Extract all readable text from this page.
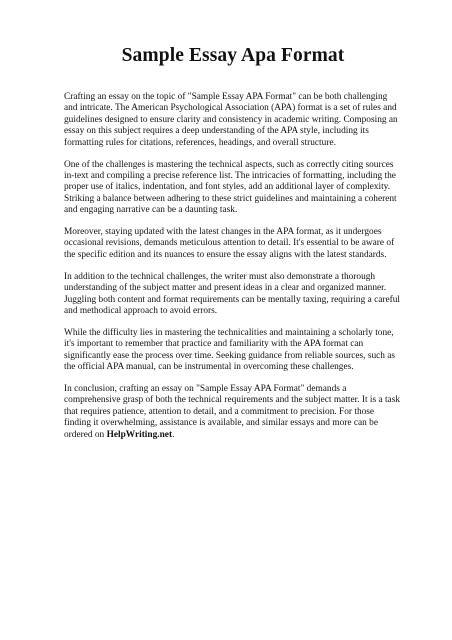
Sample Essay Apa Format

Crafting an essay on the topic of "Sample Essay APA Format" can be both challenging and intricate. The American Psychological Association (APA) format is a set of rules and guidelines designed to ensure clarity and consistency in academic writing. Composing an essay on this subject requires a deep understanding of the APA style, including its formatting rules for citations, references, headings, and overall structure.

One of the challenges is mastering the technical aspects, such as correctly citing sources in-text and compiling a precise reference list. The intricacies of formatting, including the proper use of italics, indentation, and font styles, add an additional layer of complexity. Striking a balance between adhering to these strict guidelines and maintaining a coherent and engaging narrative can be a daunting task.

Moreover, staying updated with the latest changes in the APA format, as it undergoes occasional revisions, demands meticulous attention to detail. It's essential to be aware of the specific edition and its nuances to ensure the essay aligns with the latest standards.

In addition to the technical challenges, the writer must also demonstrate a thorough understanding of the subject matter and present ideas in a clear and organized manner. Juggling both content and format requirements can be mentally taxing, requiring a careful and methodical approach to avoid errors.

While the difficulty lies in mastering the technicalities and maintaining a scholarly tone, it's important to remember that practice and familiarity with the APA format can significantly ease the process over time. Seeking guidance from reliable sources, such as the official APA manual, can be instrumental in overcoming these challenges.

In conclusion, crafting an essay on "Sample Essay APA Format" demands a comprehensive grasp of both the technical requirements and the subject matter. It is a task that requires patience, attention to detail, and a commitment to precision. For those finding it overwhelming, assistance is available, and similar essays and more can be ordered on HelpWriting.net.
